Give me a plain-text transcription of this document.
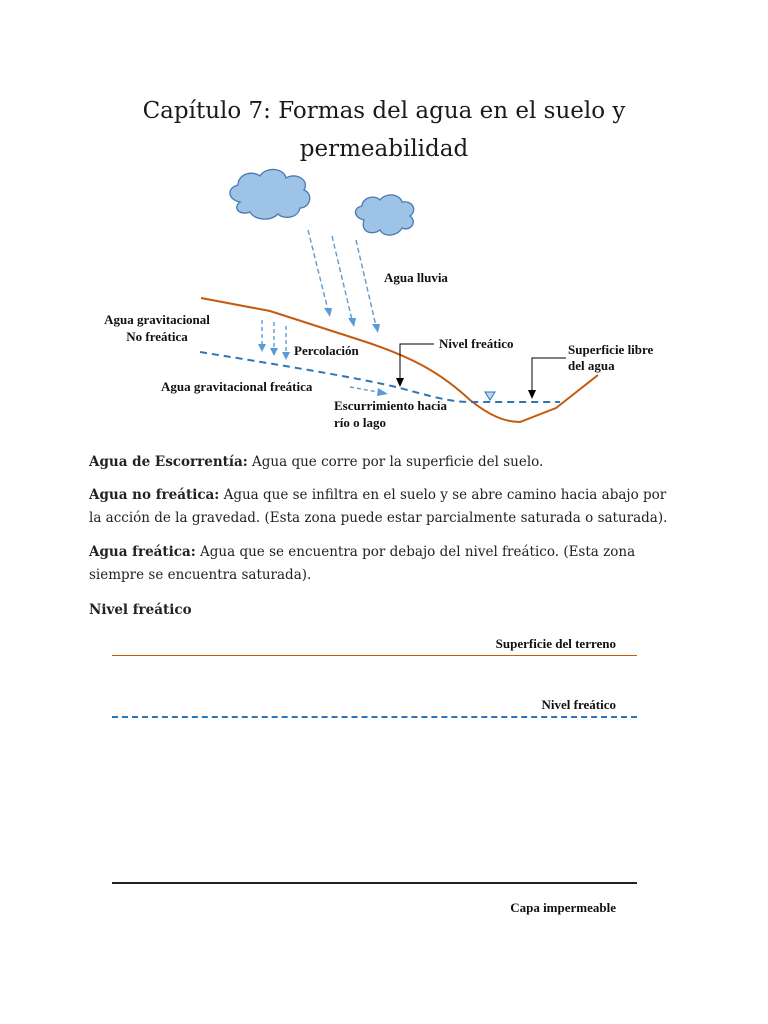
Capítulo 7: Formas del agua en el suelo y
permeabilidad
Agua lluvia
Agua gravitacional
No freática
Percolación	Nivel freático	Superficie libre
del agua
Agua gravitacional freática
Escurrimiento hacia
río o lago
Agua de Escorrentía: Agua que corre por la superficie del suelo.
Agua no freática: Agua que se infiltra en el suelo y se abre camino hacia abajo por la acción de la gravedad. (Esta zona puede estar parcialmente saturada o saturada).
Agua freática: Agua que se encuentra por debajo del nivel freático. (Esta zona siempre se encuentra saturada).
Nivel freático
Superficie del terreno
Nivel freático
Capa impermeable
